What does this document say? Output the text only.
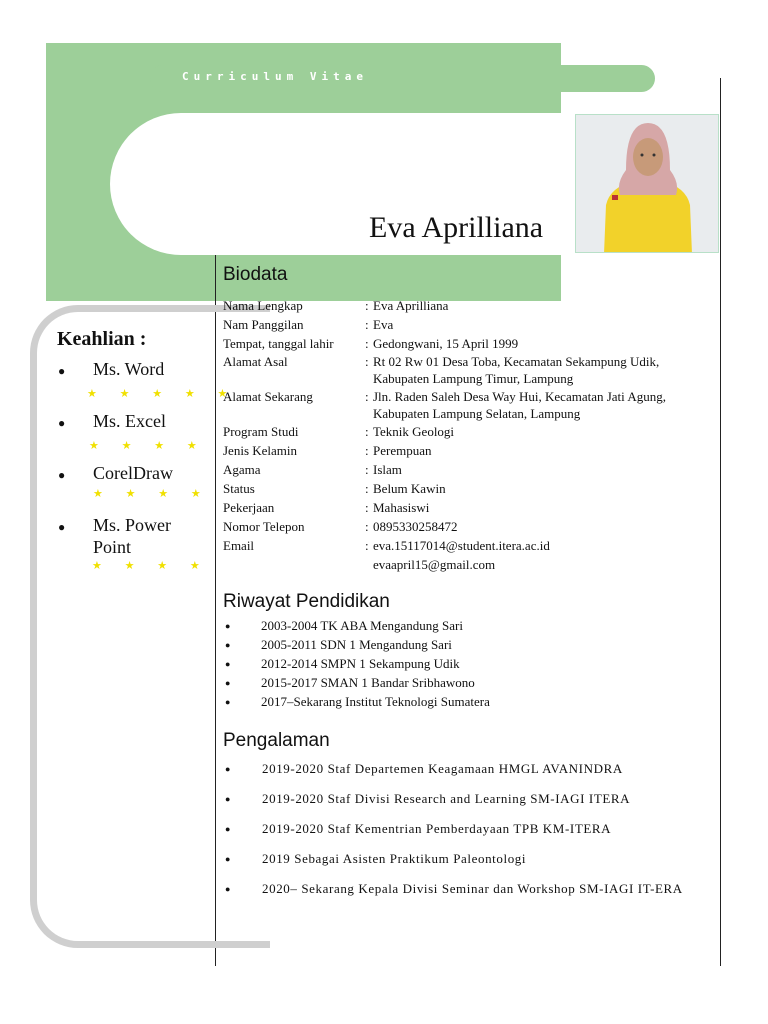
Curriculum Vitae
Eva Aprilliana
Keahlian :
● Ms. Word
★ ★ ★ ★ ★
● Ms. Excel
★ ★ ★ ★
● CorelDraw
★ ★ ★ ★
● Ms. Power Point
★ ★ ★ ★
Biodata
Nama Lengkap	: Eva Aprilliana
Nam Panggilan	: Eva
Tempat, tanggal lahir	: Gedongwani, 15 April 1999
Alamat Asal	: Rt 02 Rw 01 Desa Toba, Kecamatan Sekampung Udik, Kabupaten Lampung Timur, Lampung
Alamat Sekarang	: Jln. Raden Saleh Desa Way Hui, Kecamatan Jati Agung, Kabupaten Lampung Selatan, Lampung
Program Studi	: Teknik Geologi
Jenis Kelamin	: Perempuan
Agama	: Islam
Status	: Belum Kawin
Pekerjaan	: Mahasiswi
Nomor Telepon	: 0895330258472
Email	: eva.15117014@student.itera.ac.id
evaapril15@gmail.com
Riwayat Pendidikan
● 2003-2004 TK ABA Mengandung Sari
● 2005-2011 SDN 1 Mengandung Sari
● 2012-2014 SMPN 1 Sekampung Udik
● 2015-2017 SMAN 1 Bandar Sribhawono
● 2017–Sekarang Institut Teknologi Sumatera
Pengalaman
● 2019-2020 Staf Departemen Keagamaan HMGL AVANINDRA
● 2019-2020 Staf Divisi Research and Learning SM-IAGI ITERA
● 2019-2020 Staf Kementrian Pemberdayaan TPB KM-ITERA
● 2019 Sebagai Asisten Praktikum Paleontologi
● 2020– Sekarang Kepala Divisi Seminar dan Workshop SM-IAGI IT-ERA
